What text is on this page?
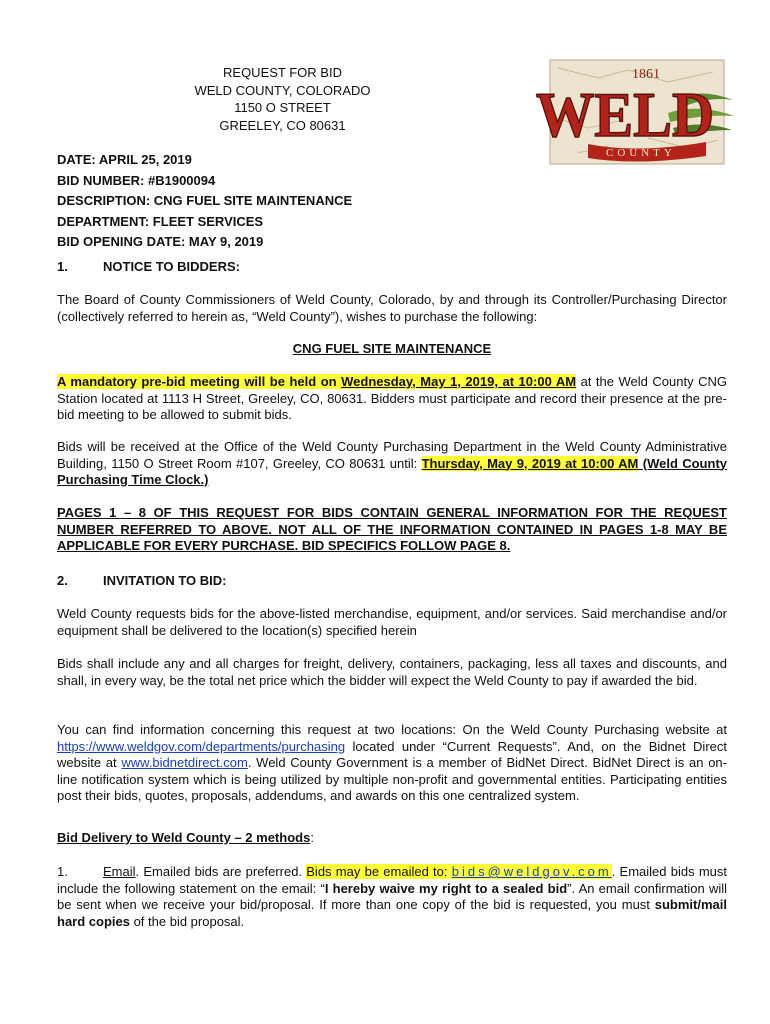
REQUEST FOR BID
WELD COUNTY, COLORADO
1150 O STREET
GREELEY, CO 80631
1861
WELD
COUNTY
DATE: APRIL 25, 2019
BID NUMBER: #B1900094
DESCRIPTION: CNG FUEL SITE MAINTENANCE
DEPARTMENT: FLEET SERVICES
BID OPENING DATE: MAY 9, 2019
1.	NOTICE TO BIDDERS:
The Board of County Commissioners of Weld County, Colorado, by and through its Controller/Purchasing Director (collectively referred to herein as, “Weld County”), wishes to purchase the following:
CNG FUEL SITE MAINTENANCE
A mandatory pre-bid meeting will be held on Wednesday, May 1, 2019, at 10:00 AM at the Weld County CNG Station located at 1113 H Street, Greeley, CO, 80631. Bidders must participate and record their presence at the pre-bid meeting to be allowed to submit bids.
Bids will be received at the Office of the Weld County Purchasing Department in the Weld County Administrative Building, 1150 O Street Room #107, Greeley, CO 80631 until: Thursday, May 9, 2019 at 10:00 AM (Weld County Purchasing Time Clock.)
PAGES 1 – 8 OF THIS REQUEST FOR BIDS CONTAIN GENERAL INFORMATION FOR THE REQUEST NUMBER REFERRED TO ABOVE. NOT ALL OF THE INFORMATION CONTAINED IN PAGES 1-8 MAY BE APPLICABLE FOR EVERY PURCHASE. BID SPECIFICS FOLLOW PAGE 8.
2.	INVITATION TO BID:
Weld County requests bids for the above-listed merchandise, equipment, and/or services. Said merchandise and/or equipment shall be delivered to the location(s) specified herein
Bids shall include any and all charges for freight, delivery, containers, packaging, less all taxes and discounts, and shall, in every way, be the total net price which the bidder will expect the Weld County to pay if awarded the bid.
You can find information concerning this request at two locations: On the Weld County Purchasing website at https://www.weldgov.com/departments/purchasing located under “Current Requests”. And, on the Bidnet Direct website at www.bidnetdirect.com. Weld County Government is a member of BidNet Direct. BidNet Direct is an on-line notification system which is being utilized by multiple non-profit and governmental entities. Participating entities post their bids, quotes, proposals, addendums, and awards on this one centralized system.
Bid Delivery to Weld County – 2 methods:
1.	Email. Emailed bids are preferred. Bids may be emailed to: bids@weldgov.com. Emailed bids must include the following statement on the email: “I hereby waive my right to a sealed bid”. An email confirmation will be sent when we receive your bid/proposal. If more than one copy of the bid is requested, you must submit/mail hard copies of the bid proposal.
